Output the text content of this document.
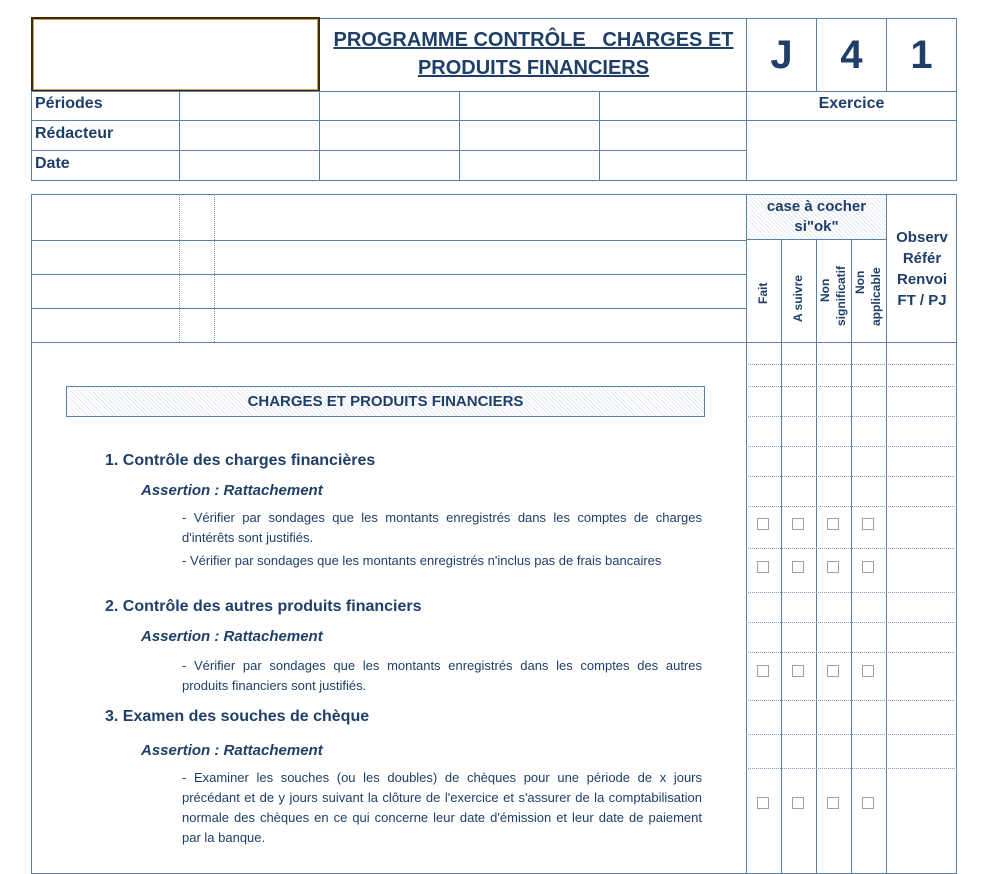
PROGRAMME CONTRÔLE   CHARGES ET
PRODUITS FINANCIERS	J 4 1
Périodes
Rédacteur
Date
Exercice
case à cocher
si"ok"
Fait A suivre Non significatif Non applicable
Observ
Référ
Renvoi
FT / PJ
CHARGES ET PRODUITS FINANCIERS
1. Contrôle des charges financières
Assertion : Rattachement
- Vérifier par sondages que les montants enregistrés dans les comptes de charges d'intérêts sont justifiés.
- Vérifier par sondages que les montants enregistrés n'inclus pas de frais bancaires
2. Contrôle des autres produits financiers
Assertion : Rattachement
- Vérifier par sondages que les montants enregistrés dans les comptes des autres produits financiers sont justifiés.
3. Examen des souches de chèque
Assertion : Rattachement
- Examiner les souches (ou les doubles) de chèques pour une période de x jours précédant et de y jours suivant la clôture de l'exercice et s'assurer de la comptabilisation normale des chèques en ce qui concerne leur date d'émission et leur date de paiement par la banque.
